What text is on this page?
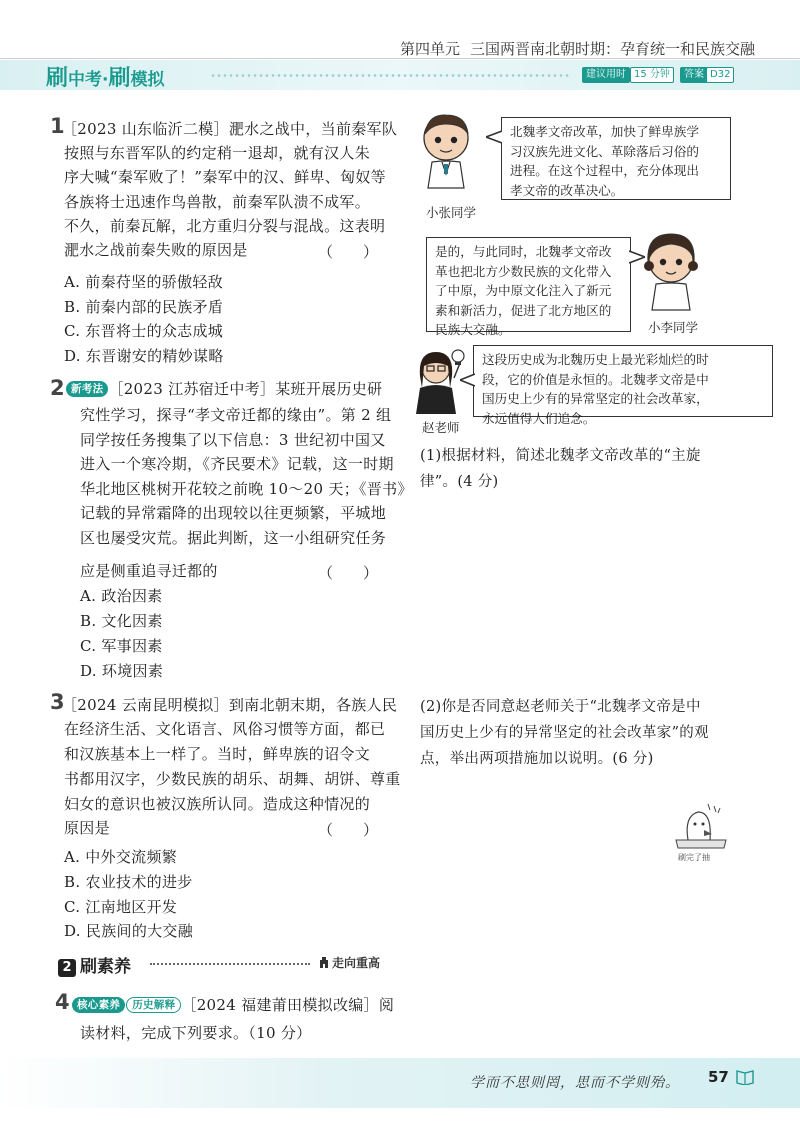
第四单元 三国两晋南北朝时期：孕育统一和民族交融
刷中考·刷模拟	建议用时 15 分钟	答案 D32
1
［2023 山东临沂二模］淝水之战中，当前秦军队
按照与东晋军队的约定稍一退却，就有汉人朱
序大喊“秦军败了！”秦军中的汉、鲜卑、匈奴等
各族将士迅速作鸟兽散，前秦军队溃不成军。
不久，前秦瓦解，北方重归分裂与混战。这表明
淝水之战前秦失败的原因是	（　　）
A. 前秦苻坚的骄傲轻敌
B. 前秦内部的民族矛盾
C. 东晋将士的众志成城
D. 东晋谢安的精妙谋略
2 新考法 ［2023 江苏宿迁中考］某班开展历史研
究性学习，探寻“孝文帝迁都的缘由”。第 2 组
同学按任务搜集了以下信息：3 世纪初中国又
进入一个寒冷期，《齐民要术》记载，这一时期
华北地区桃树开花较之前晚 10～20 天；《晋书》
记载的异常霜降的出现较以往更频繁，平城地
区也屡受灾荒。据此判断，这一小组研究任务
应是侧重追寻迁都的	（　　）
A. 政治因素
B. 文化因素
C. 军事因素
D. 环境因素
3
［2024 云南昆明模拟］到南北朝末期，各族人民
在经济生活、文化语言、风俗习惯等方面，都已
和汉族基本上一样了。当时，鲜卑族的诏令文
书都用汉字，少数民族的胡乐、胡舞、胡饼、尊重
妇女的意识也被汉族所认同。造成这种情况的
原因是	（　　）
A. 中外交流频繁
B. 农业技术的进步
C. 江南地区开发
D. 民族间的大交融
2 刷素养	走向重高
4 核心素养 历史解释 ［2024 福建莆田模拟改编］阅
读材料，完成下列要求。（10 分）
小张同学
北魏孝文帝改革，加快了鲜卑族学
习汉族先进文化、革除落后习俗的
进程。在这个过程中，充分体现出
孝文帝的改革决心。
是的，与此同时，北魏孝文帝改
革也把北方少数民族的文化带入
了中原，为中原文化注入了新元
素和新活力，促进了北方地区的
民族大交融。	小李同学
这段历史成为北魏历史上最光彩灿烂的时
段，它的价值是永恒的。北魏孝文帝是中
国历史上少有的异常坚定的社会改革家，
永远值得人们追念。
赵老师
(1)根据材料，简述北魏孝文帝改革的“主旋
律”。(4 分)
(2)你是否同意赵老师关于“北魏孝文帝是中
国历史上少有的异常坚定的社会改革家”的观
点，举出两项措施加以说明。(6 分)
刷完了抽
学而不思则罔，思而不学则殆。 57
